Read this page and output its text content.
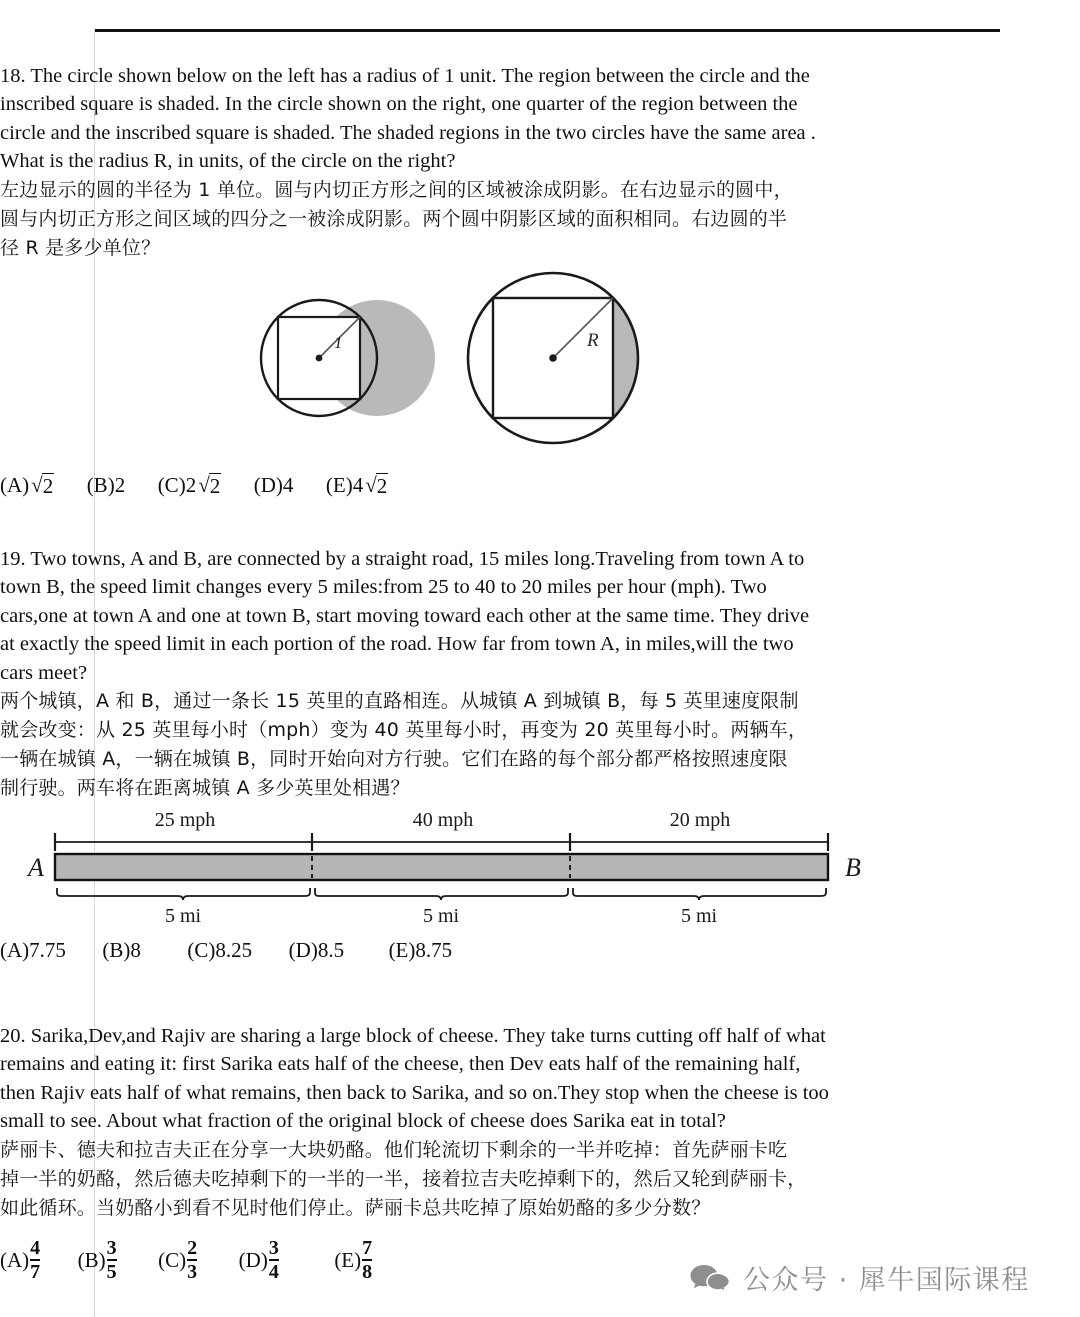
18. The circle shown below on the left has a radius of 1 unit. The region between the circle and the

inscribed square is shaded. In the circle shown on the right, one quarter of the region between the

circle and the inscribed square is shaded. The shaded regions in the two circles have the same area .

What is the radius R, in units, of the circle on the right?

左边显示的圆的半径为 1 单位。圆与内切正方形之间的区域被涂成阴影。在右边显示的圆中，

圆与内切正方形之间区域的四分之一被涂成阴影。两个圆中阴影区域的面积相同。右边圆的半

径 R 是多少单位？

1	R
(A)√2 (B)2 (C)2√2 (D)4 (E)4√2

19. Two towns, A and B, are connected by a straight road, 15 miles long.Traveling from town A to

town B, the speed limit changes every 5 miles:from 25 to 40 to 20 miles per hour (mph). Two

cars,one at town A and one at town B, start moving toward each other at the same time. They drive

at exactly the speed limit in each portion of the road. How far from town A, in miles,will the two

cars meet?

两个城镇，A 和 B，通过一条长 15 英里的直路相连。从城镇 A 到城镇 B，每 5 英里速度限制

就会改变：从 25 英里每小时（mph）变为 40 英里每小时，再变为 20 英里每小时。两辆车，

一辆在城镇 A，一辆在城镇 B，同时开始向对方行驶。它们在路的每个部分都严格按照速度限

制行驶。两车将在距离城镇 A 多少英里处相遇？

25 mph	40 mph	20 mph
A	B
5 mi	5 mi	5 mi
(A)7.75 (B)8 (C)8.25 (D)8.5 (E)8.75

20. Sarika,Dev,and Rajiv are sharing a large block of cheese. They take turns cutting off half of what

remains and eating it: first Sarika eats half of the cheese, then Dev eats half of the remaining half,

then Rajiv eats half of what remains, then back to Sarika, and so on.They stop when the cheese is too

small to see. About what fraction of the original block of cheese does Sarika eat in total?

萨丽卡、德夫和拉吉夫正在分享一大块奶酪。他们轮流切下剩余的一半并吃掉：首先萨丽卡吃

掉一半的奶酪，然后德夫吃掉剩下的一半的一半，接着拉吉夫吃掉剩下的，然后又轮到萨丽卡，

如此循环。当奶酪小到看不见时他们停止。萨丽卡总共吃掉了原始奶酪的多少分数？

$(A) \frac{4}{7} (B) \frac{3}{5} (C) \frac{2}{3} (D) \frac{3}{4}$	$(E) \frac{7}{8}$	公众号 · 犀牛国际课程
